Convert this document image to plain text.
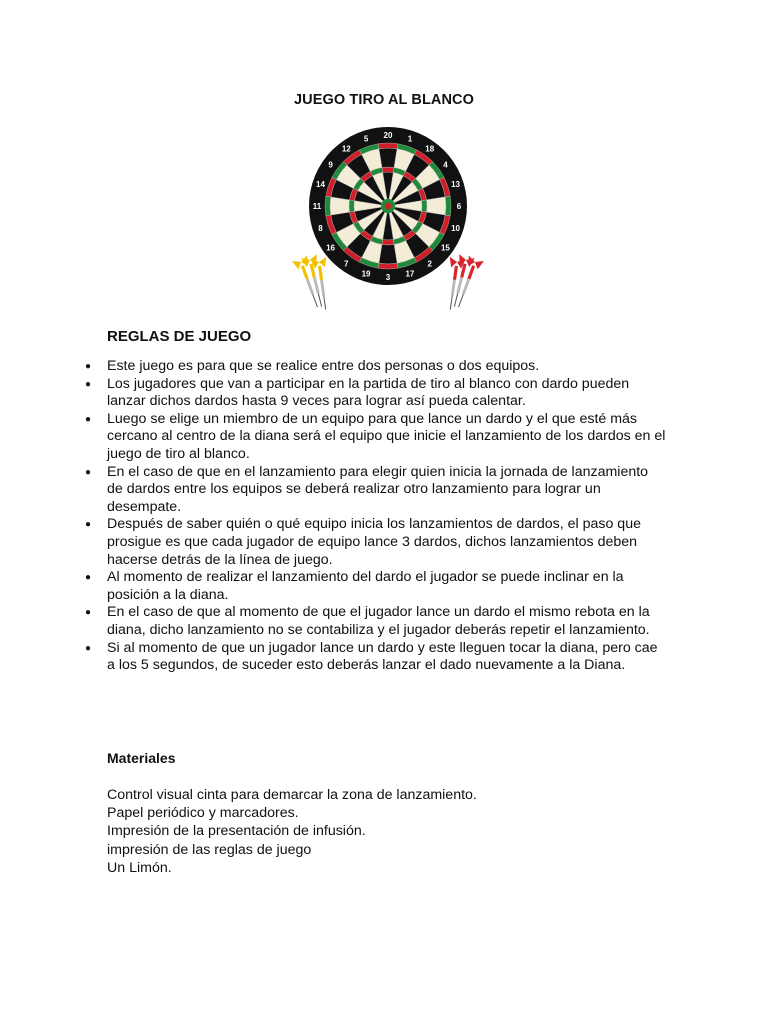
JUEGO TIRO AL BLANCO
20 1
18
4
13
6
10
15
2
17
3
19
7
16
8
11
14
9
12
5
REGLAS DE JUEGO
● Este juego es para que se realice entre dos personas o dos equipos.
● Los jugadores que van a participar en la partida de tiro al blanco con dardo pueden lanzar dichos dardos hasta 9 veces para lograr así pueda calentar.
● Luego se elige un miembro de un equipo para que lance un dardo y el que esté más cercano al centro de la diana será el equipo que inicie el lanzamiento de los dardos en el juego de tiro al blanco.
● En el caso de que en el lanzamiento para elegir quien inicia la jornada de lanzamiento de dardos entre los equipos se deberá realizar otro lanzamiento para lograr un desempate.
● Después de saber quién o qué equipo inicia los lanzamientos de dardos, el paso que prosigue es que cada jugador de equipo lance 3 dardos, dichos lanzamientos deben hacerse detrás de la línea de juego.
● Al momento de realizar el lanzamiento del dardo el jugador se puede inclinar en la posición a la diana.
● En el caso de que al momento de que el jugador lance un dardo el mismo rebota en la diana, dicho lanzamiento no se contabiliza y el jugador deberás repetir el lanzamiento.
● Si al momento de que un jugador lance un dardo y este lleguen tocar la diana, pero cae a los 5 segundos, de suceder esto deberás lanzar el dado nuevamente a la Diana.
Materiales
Control visual cinta para demarcar la zona de lanzamiento.
Papel periódico y marcadores.
Impresión de la presentación de infusión.
impresión de las reglas de juego
Un Limón.
